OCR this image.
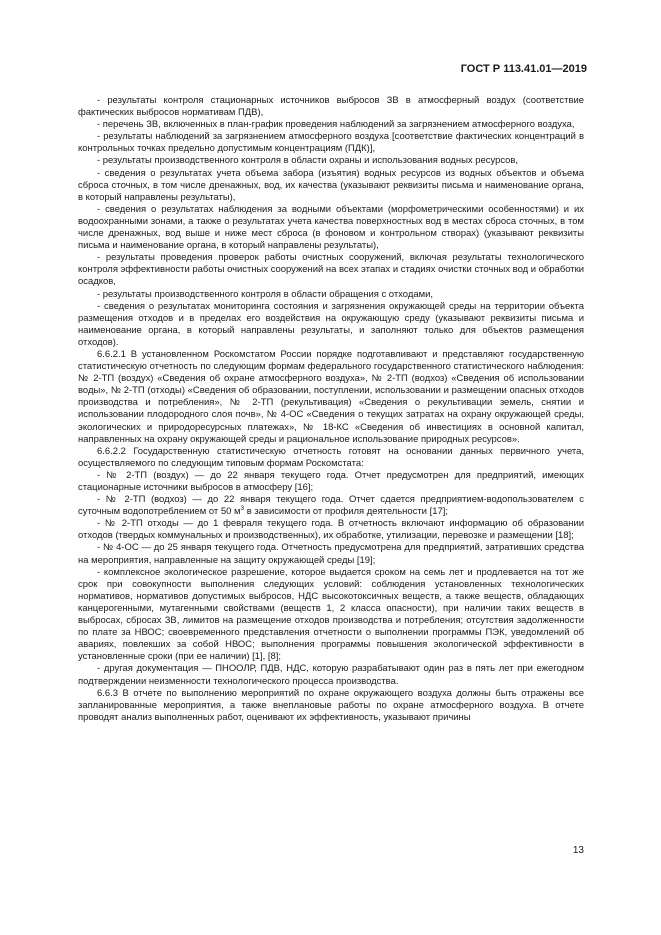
ГОСТ Р 113.41.01—2019

- результаты контроля стационарных источников выбросов ЗВ в атмосферный воздух (соответствие фактических выбросов нормативам ПДВ),

- перечень ЗВ, включенных в план-график проведения наблюдений за загрязнением атмосферного воздуха,

- результаты наблюдений за загрязнением атмосферного воздуха [соответствие фактических концентраций в контрольных точках предельно допустимым концентрациям (ПДК)],

- результаты производственного контроля в области охраны и использования водных ресурсов,

- сведения о результатах учета объема забора (изъятия) водных ресурсов из водных объектов и объема сброса сточных, в том числе дренажных, вод, их качества (указывают реквизиты письма и наименование органа, в который направлены результаты),

- сведения о результатах наблюдения за водными объектами (морфометрическими особенностями) и их водоохранными зонами, а также о результатах учета качества поверхностных вод в местах сброса сточных, в том числе дренажных, вод выше и ниже мест сброса (в фоновом и контрольном створах) (указывают реквизиты письма и наименование органа, в который направлены результаты),

- результаты проведения проверок работы очистных сооружений, включая результаты технологического контроля эффективности работы очистных сооружений на всех этапах и стадиях очистки сточных вод и обработки осадков,

- результаты производственного контроля в области обращения с отходами,

- сведения о результатах мониторинга состояния и загрязнения окружающей среды на территории объекта размещения отходов и в пределах его воздействия на окружающую среду (указывают реквизиты письма и наименование органа, в который направлены результаты, и заполняют только для объектов размещения отходов).

6.6.2.1 В установленном Роскомстатом России порядке подготавливают и представляют государственную статистическую отчетность по следующим формам федерального государственного статистического наблюдения: № 2-ТП (воздух) «Сведения об охране атмосферного воздуха», № 2-ТП (водхоз) «Сведения об использовании воды», № 2-ТП (отходы) «Сведения об образовании, поступлении, использовании и размещении опасных отходов производства и потребления», № 2-ТП (рекультивация) «Сведения о рекультивации земель, снятии и использовании плодородного слоя почв», № 4-ОС «Сведения о текущих затратах на охрану окружающей среды, экологических и природоресурсных платежах», № 18-КС «Сведения об инвестициях в основной капитал, направленных на охрану окружающей среды и рациональное использование природных ресурсов».

6.6.2.2 Государственную статистическую отчетность готовят на основании данных первичного учета, осуществляемого по следующим типовым формам Роскомстата:

- № 2-ТП (воздух) — до 22 января текущего года. Отчет предусмотрен для предприятий, имеющих стационарные источники выбросов в атмосферу [16];

- № 2-ТП (водхоз) — до 22 января текущего года. Отчет сдается предприятием-водопользователем с суточным водопотреблением от 50 $м^3$ в зависимости от профиля деятельности [17];

- № 2-ТП отходы — до 1 февраля текущего года. В отчетность включают информацию об образовании отходов (твердых коммунальных и производственных), их обработке, утилизации, перевозке и размещении [18];

- № 4-ОС — до 25 января текущего года. Отчетность предусмотрена для предприятий, затративших средства на мероприятия, направленные на защиту окружающей среды [19];

- комплексное экологическое разрешение, которое выдается сроком на семь лет и продлевается на тот же срок при совокупности выполнения следующих условий: соблюдения установленных технологических нормативов, нормативов допустимых выбросов, НДС высокотоксичных веществ, а также веществ, обладающих канцерогенными, мутагенными свойствами (веществ 1, 2 класса опасности), при наличии таких веществ в выбросах, сбросах ЗВ, лимитов на размещение отходов производства и потребления; отсутствия задолженности по плате за НВОС; своевременного представления отчетности о выполнении программы ПЭК, уведомлений об авариях, повлекших за собой НВОС; выполнения программы повышения экологической эффективности в установленные сроки (при ее наличии) [1], [8];

- другая документация — ПНООЛР, ПДВ, НДС, которую разрабатывают один раз в пять лет при ежегодном подтверждении неизменности технологического процесса производства.

6.6.3 В отчете по выполнению мероприятий по охране окружающего воздуха должны быть отражены все запланированные мероприятия, а также внеплановые работы по охране атмосферного воздуха. В отчете проводят анализ выполненных работ, оценивают их эффективность, указывают причины

13
